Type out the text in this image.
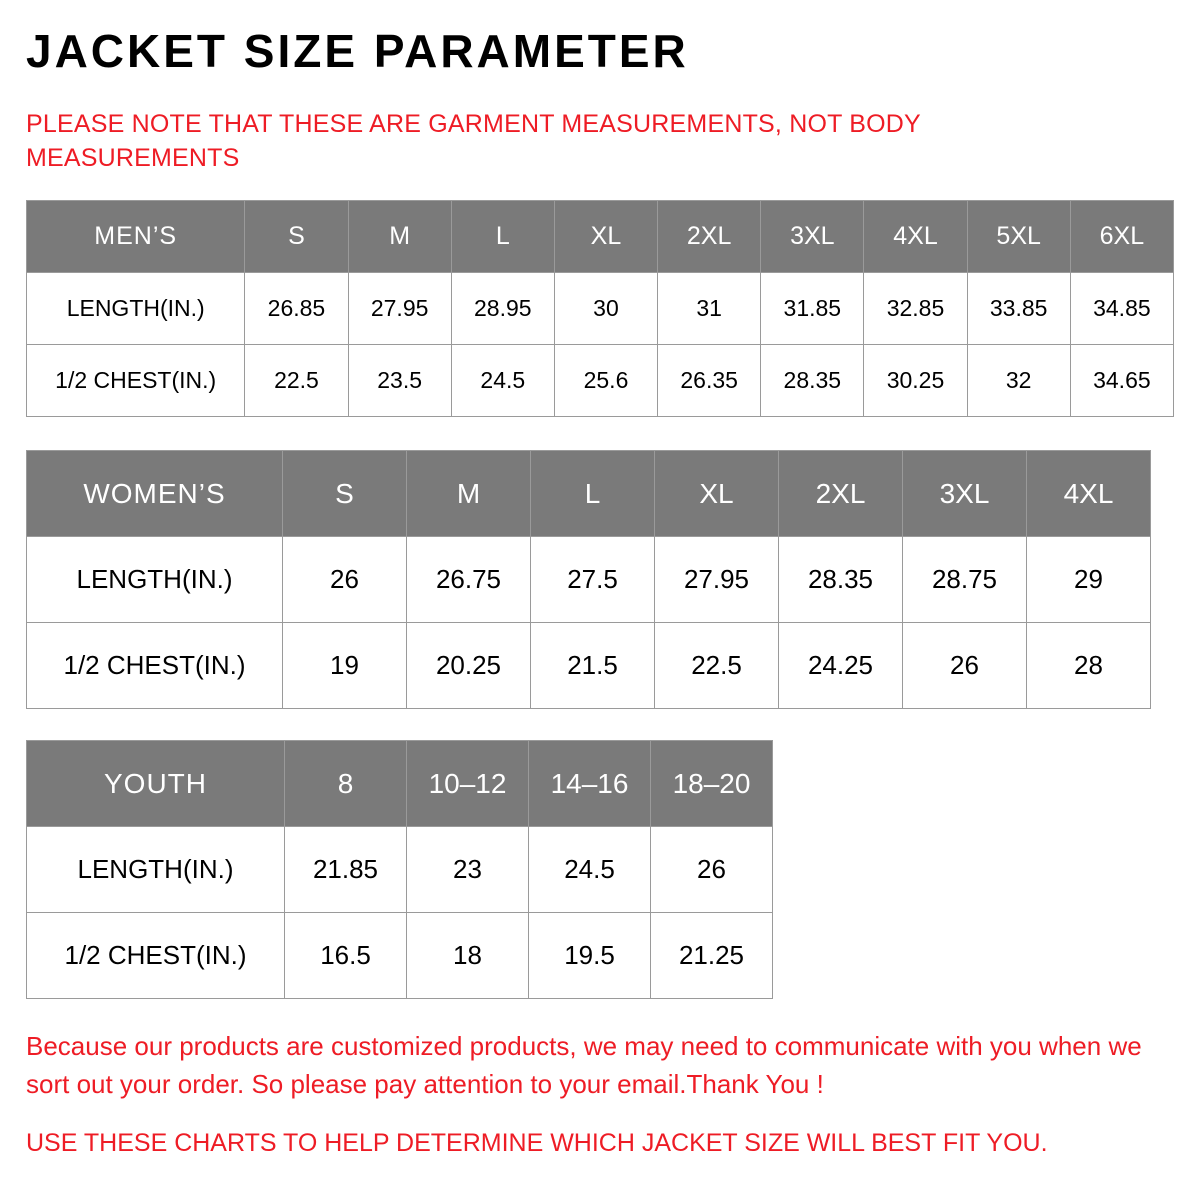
JACKET SIZE PARAMETER
PLEASE NOTE THAT THESE ARE GARMENT MEASUREMENTS, NOT BODY MEASUREMENTS
MEN’S	S	M	L	XL	2XL	3XL	4XL	5XL	6XL
LENGTH(IN.)	26.85	27.95	28.95	30	31	31.85	32.85	33.85	34.85
1/2 CHEST(IN.)	22.5	23.5	24.5	25.6	26.35	28.35	30.25	32	34.65
WOMEN’S	S	M	L	XL	2XL	3XL	4XL
LENGTH(IN.)	26	26.75	27.5	27.95	28.35	28.75	29
1/2 CHEST(IN.)	19	20.25	21.5	22.5	24.25	26	28
YOUTH	8	10–12	14–16	18–20
LENGTH(IN.)	21.85	23	24.5	26
1/2 CHEST(IN.)	16.5	18	19.5	21.25
Because our products are customized products, we may need to communicate with you when we sort out your order. So please pay attention to your email.Thank You !
USE THESE CHARTS TO HELP DETERMINE WHICH JACKET SIZE WILL BEST FIT YOU.
